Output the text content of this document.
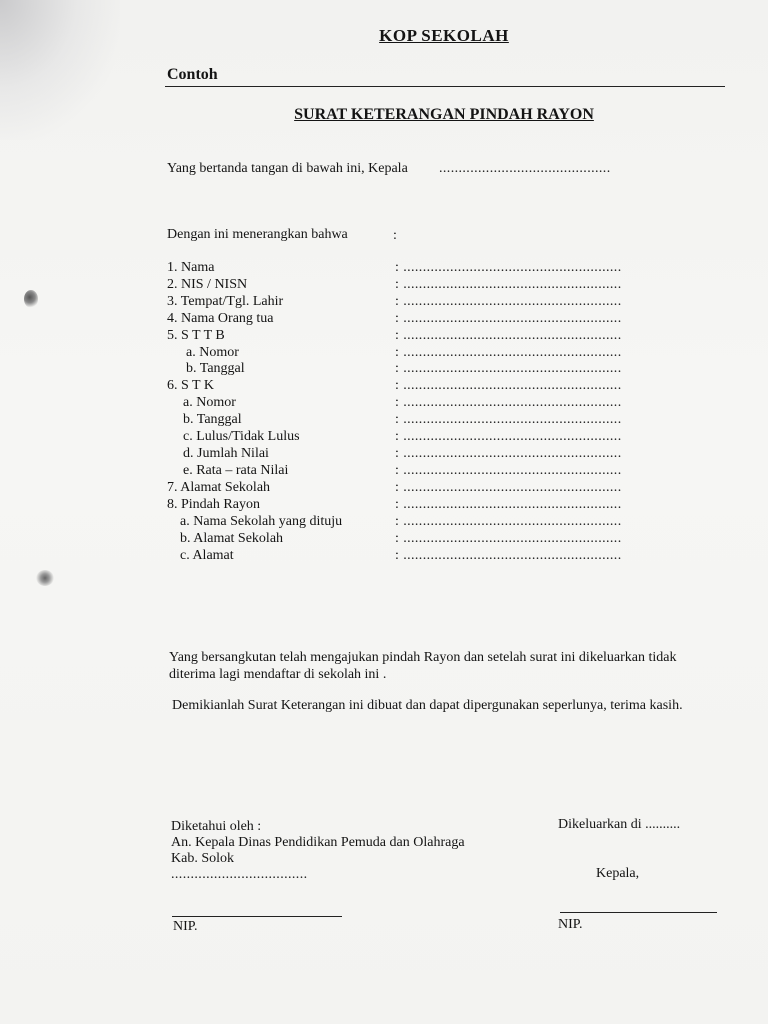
KOP SEKOLAH
Contoh
SURAT KETERANGAN PINDAH RAYON
Yang bertanda tangan di bawah ini, Kepala ............................................
Dengan ini menerangkan bahwa	:
1. Nama	: ........................................................
2. NIS / NISN	: ........................................................
3. Tempat/Tgl. Lahir	: ........................................................
4. Nama Orang tua	: ........................................................
5. S T T B	: ........................................................
a. Nomor	: ........................................................
b. Tanggal	: ........................................................
6. S T K	: ........................................................
a. Nomor	: ........................................................
b. Tanggal	: ........................................................
c. Lulus/Tidak Lulus	: ........................................................
d. Jumlah Nilai	: ........................................................
e. Rata – rata Nilai	: ........................................................
7. Alamat Sekolah	: ........................................................
8. Pindah Rayon	: ........................................................
a. Nama Sekolah yang dituju	: ........................................................
b. Alamat Sekolah	: ........................................................
c. Alamat	: ........................................................
Yang bersangkutan telah mengajukan pindah Rayon dan setelah surat ini dikeluarkan tidak
diterima lagi mendaftar di sekolah ini .
Demikianlah Surat Keterangan ini dibuat dan dapat dipergunakan seperlunya, terima kasih.
Diketahui oleh :
An. Kepala Dinas Pendidikan Pemuda dan Olahraga
Kab. Solok
...................................
NIP.
Dikeluarkan di ..........
Kepala,
NIP.
